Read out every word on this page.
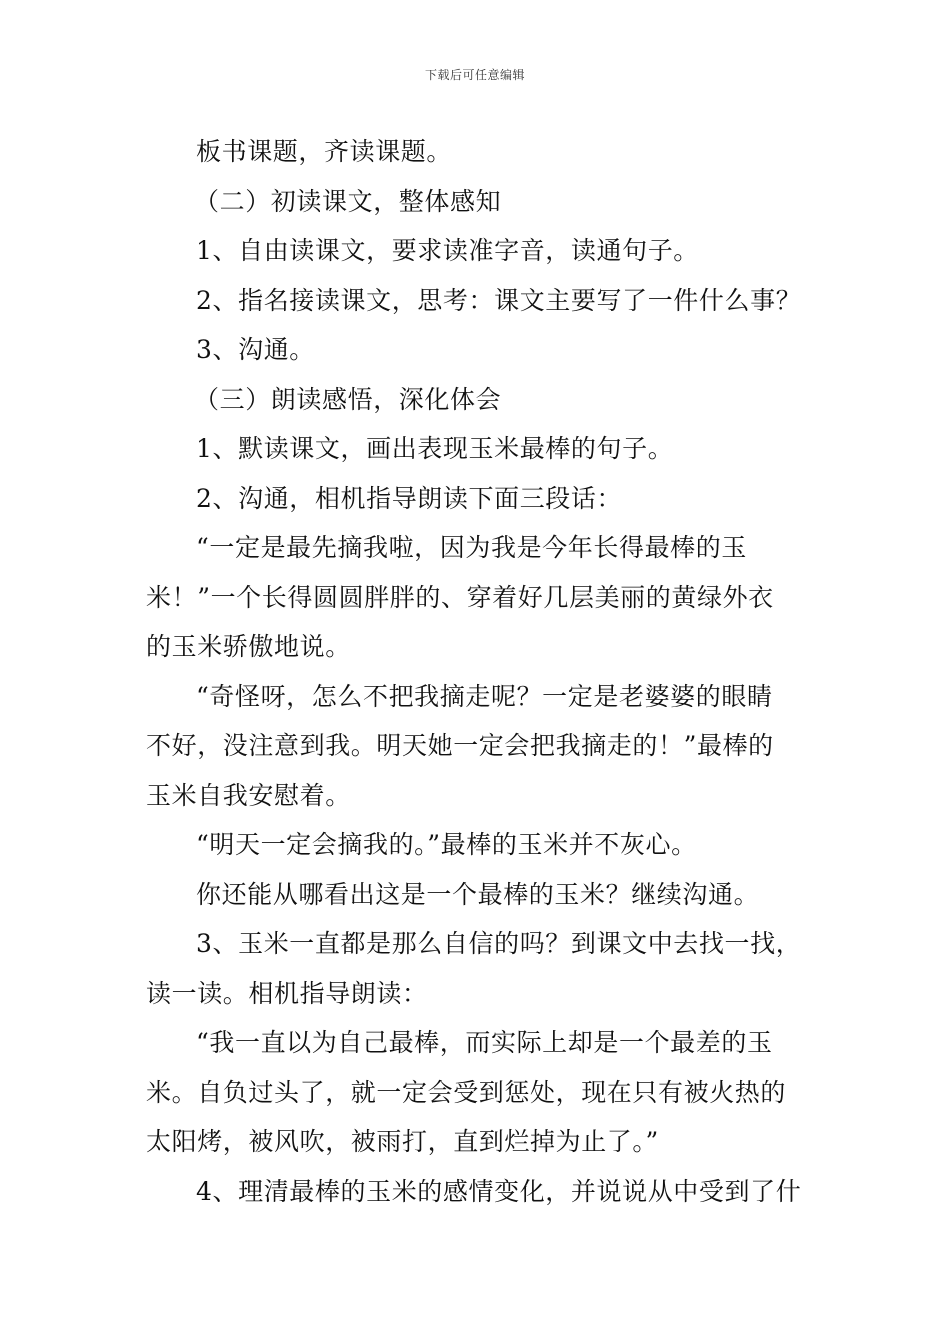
下载后可任意编辑
板书课题，齐读课题。
（二）初读课文，整体感知
1、自由读课文，要求读准字音，读通句子。
2、指名接读课文，思考：课文主要写了一件什么事？
3、沟通。
（三）朗读感悟，深化体会
1、默读课文，画出表现玉米最棒的句子。
2、沟通，相机指导朗读下面三段话：
“一定是最先摘我啦，因为我是今年长得最棒的玉
米！”一个长得圆圆胖胖的、穿着好几层美丽的黄绿外衣
的玉米骄傲地说。
“奇怪呀，怎么不把我摘走呢？一定是老婆婆的眼睛
不好，没注意到我。明天她一定会把我摘走的！”最棒的
玉米自我安慰着。
“明天一定会摘我的。”最棒的玉米并不灰心。
你还能从哪看出这是一个最棒的玉米？继续沟通。
3、玉米一直都是那么自信的吗？到课文中去找一找，
读一读。相机指导朗读：
“我一直以为自己最棒，而实际上却是一个最差的玉
米。自负过头了，就一定会受到惩处，现在只有被火热的
太阳烤，被风吹，被雨打，直到烂掉为止了。”
4、理清最棒的玉米的感情变化，并说说从中受到了什
